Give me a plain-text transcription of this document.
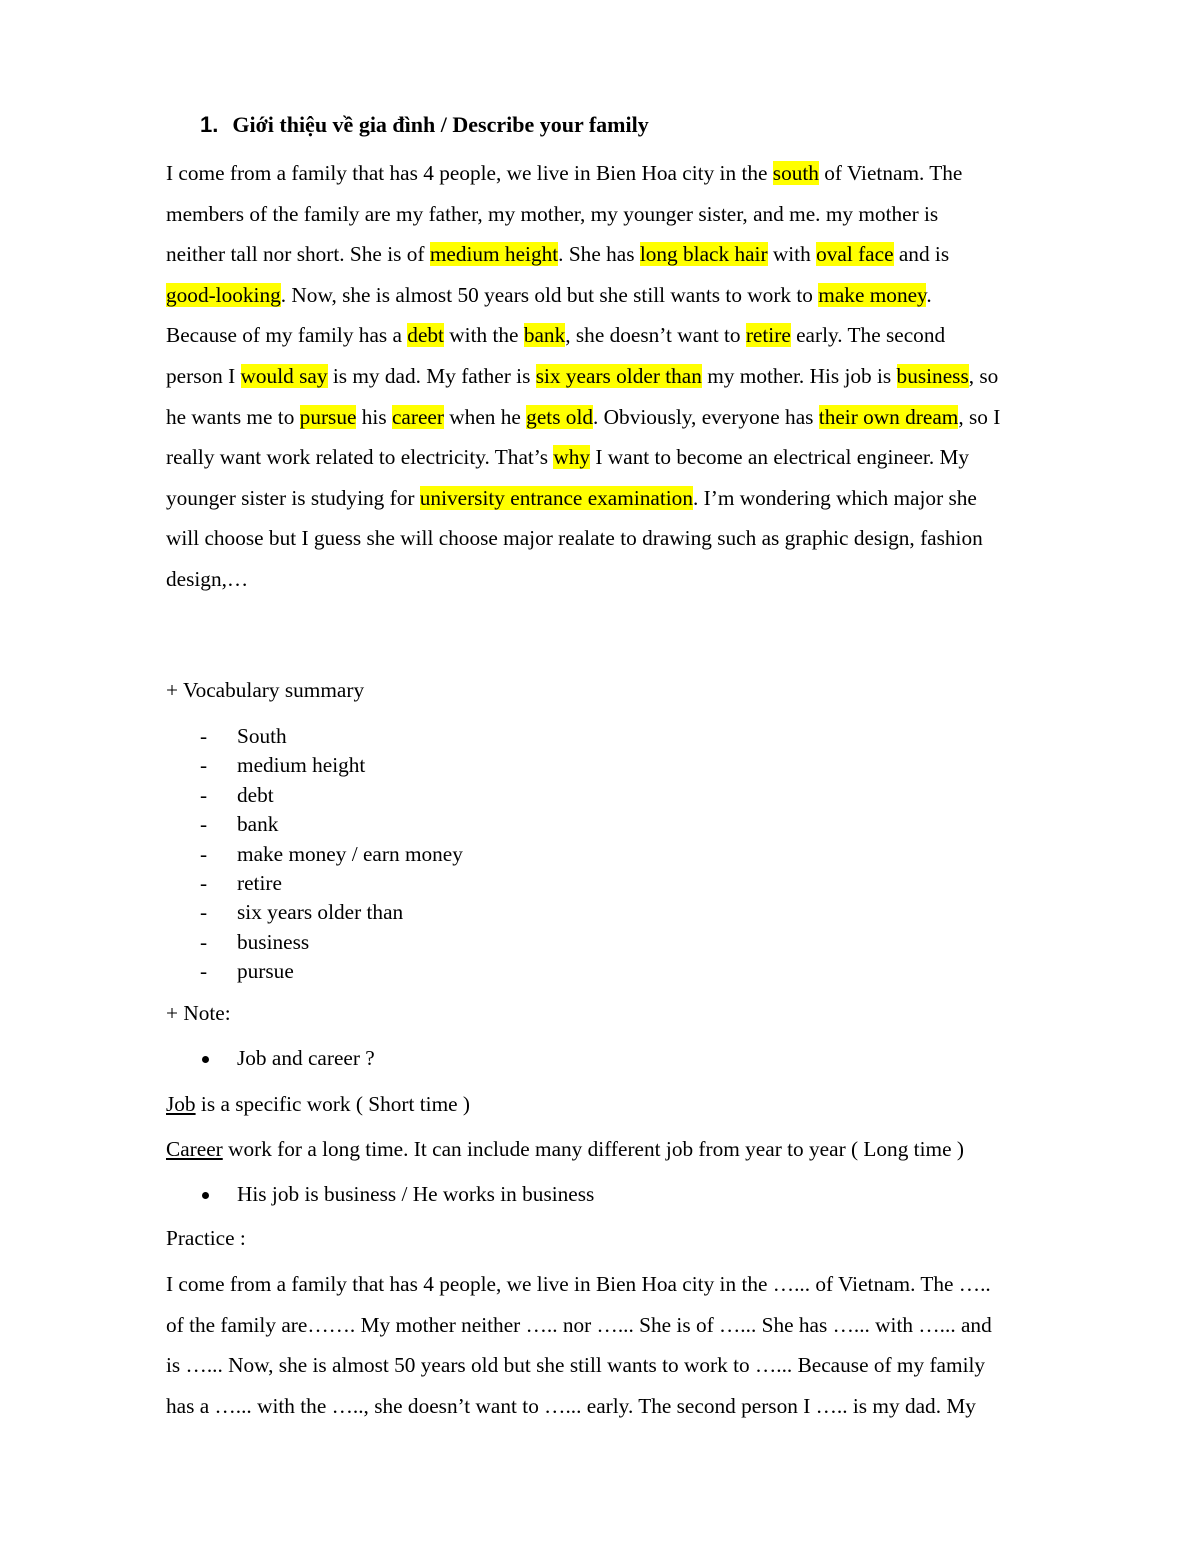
1. Giới thiệu về gia đình / Describe your family
I come from a family that has 4 people, we live in Bien Hoa city in the south of Vietnam. The
members of the family are my father, my mother, my younger sister, and me. my mother is
neither tall nor short. She is of medium height. She has long black hair with oval face and is
good-looking. Now, she is almost 50 years old but she still wants to work to make money.
Because of my family has a debt with the bank, she doesn’t want to retire early. The second
person I would say is my dad. My father is six years older than my mother. His job is business, so
he wants me to pursue his career when he gets old. Obviously, everyone has their own dream, so I
really want work related to electricity. That’s why I want to become an electrical engineer. My
younger sister is studying for university entrance examination. I’m wondering which major she
will choose but I guess she will choose major realate to drawing such as graphic design, fashion
design,…
+ Vocabulary summary
- South
- medium height
- debt
- bank
- make money / earn money
- retire
- six years older than
- business
- pursue
+ Note:
Job and career ?
Job is a specific work ( Short time )
Career work for a long time. It can include many different job from year to year ( Long time )
His job is business / He works in business
Practice :
I come from a family that has 4 people, we live in Bien Hoa city in the …... of Vietnam. The …..
of the family are……. My mother neither ….. nor …... She is of …... She has …... with …... and
is …... Now, she is almost 50 years old but she still wants to work to …... Because of my family
has a …... with the ….., she doesn’t want to …... early. The second person I ….. is my dad. My
